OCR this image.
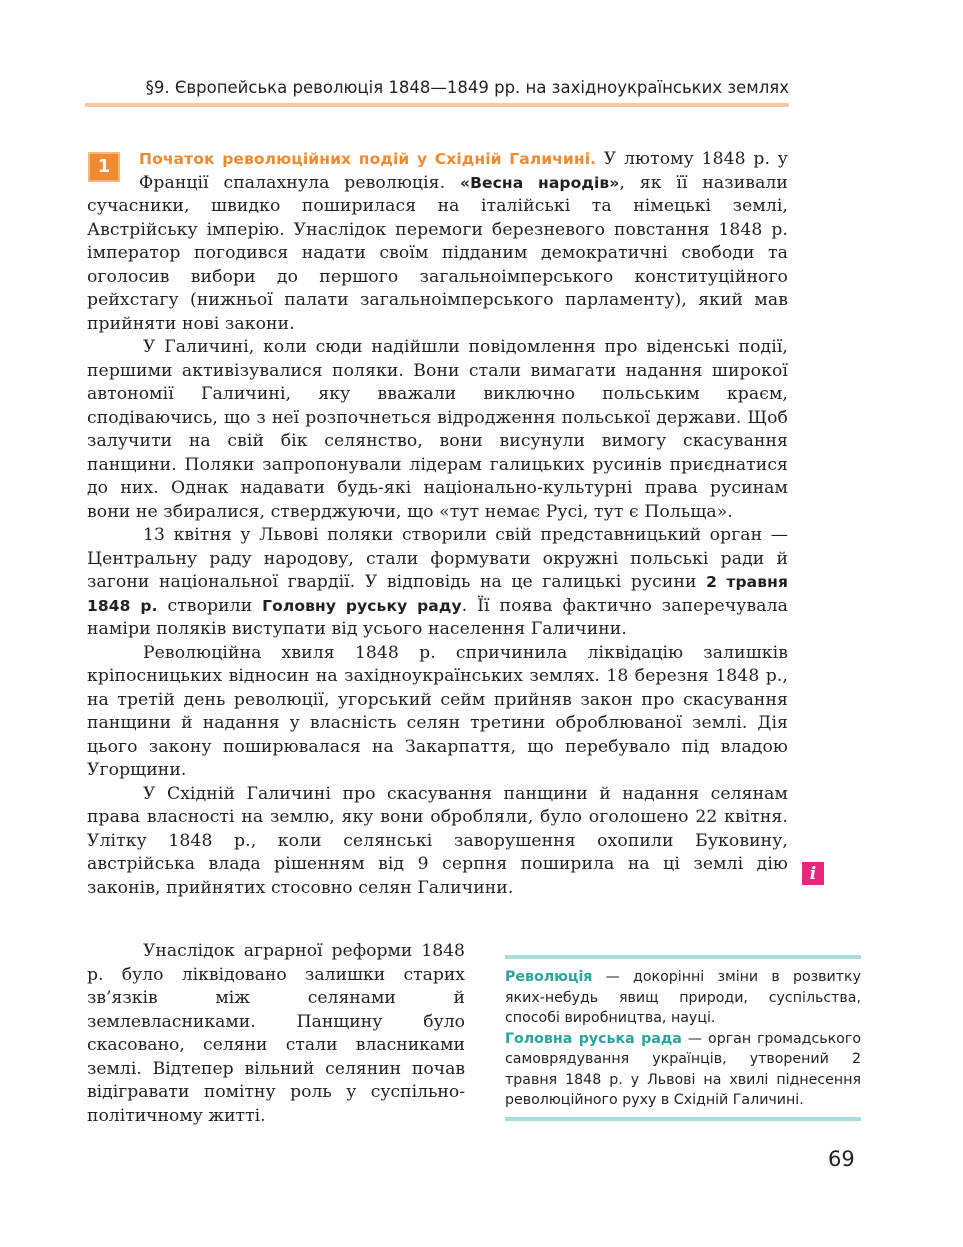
§9. Європейська революція 1848—1849 рр. на західноукраїнських землях

1	Початок революційних подій у Східній Галичині. У лютому 1848 р. у Франції спалахнула революція. «Весна народів», як її називали сучасники, швидко поширилася на італійські та німецькі землі, Австрійську імперію. Унаслідок перемоги березневого повстання 1848 р. імператор погодився надати своїм підданим демократичні свободи та оголосив вибори до першого загальноімперського конституційного рейхстагу (нижньої палати загальноімперського парламенту), який мав прийняти нові закони.

У Галичині, коли сюди надійшли повідомлення про віденські події, першими активізувалися поляки. Вони стали вимагати надання широкої автономії Галичині, яку вважали виключно польським краєм, сподіваючись, що з неї розпочнеться відродження польської держави. Щоб залучити на свій бік селянство, вони висунули вимогу скасування панщини. Поляки запропонували лідерам галицьких русинів приєднатися до них. Однак надавати будь-які національно-культурні права русинам вони не збиралися, стверджуючи, що «тут немає Русі, тут є Польща».

13 квітня у Львові поляки створили свій представницький орган — Центральну раду народову, стали формувати окружні польські ради й загони національної гвардії. У відповідь на це галицькі русини 2 травня 1848 р. створили Головну руську раду. Її поява фактично заперечувала наміри поляків виступати від усього населення Галичини.

Революційна хвиля 1848 р. спричинила ліквідацію залишків кріпосницьких відносин на західноукраїнських землях. 18 березня 1848 р., на третій день революції, угорський сейм прийняв закон про скасування панщини й надання у власність селян третини оброблюваної землі. Дія цього закону поширювалася на Закарпаття, що перебувало під владою Угорщини.

У Східній Галичині про скасування панщини й надання селянам права власності на землю, яку вони обробляли, було оголошено 22 квітня. Улітку 1848 р., коли селянські заворушення охопили Буковину, австрійська влада рішенням від 9 серпня поширила на ці землі дію законів, прийнятих стосовно селян Галичини.

i

Унаслідок аграрної реформи 1848 р. було ліквідовано залишки старих зв’язків між селянами й землевласниками. Панщину було скасовано, селяни стали власниками землі. Відтепер вільний селянин почав відігравати помітну роль у суспільно-політичному житті.

Революція — докорінні зміни в розвитку яких-небудь явищ природи, суспільства, способі виробництва, науці.

Головна руська рада — орган громадського самоврядування українців, утворений 2 травня 1848 р. у Львові на хвилі піднесення революційного руху в Східній Галичині.

69
